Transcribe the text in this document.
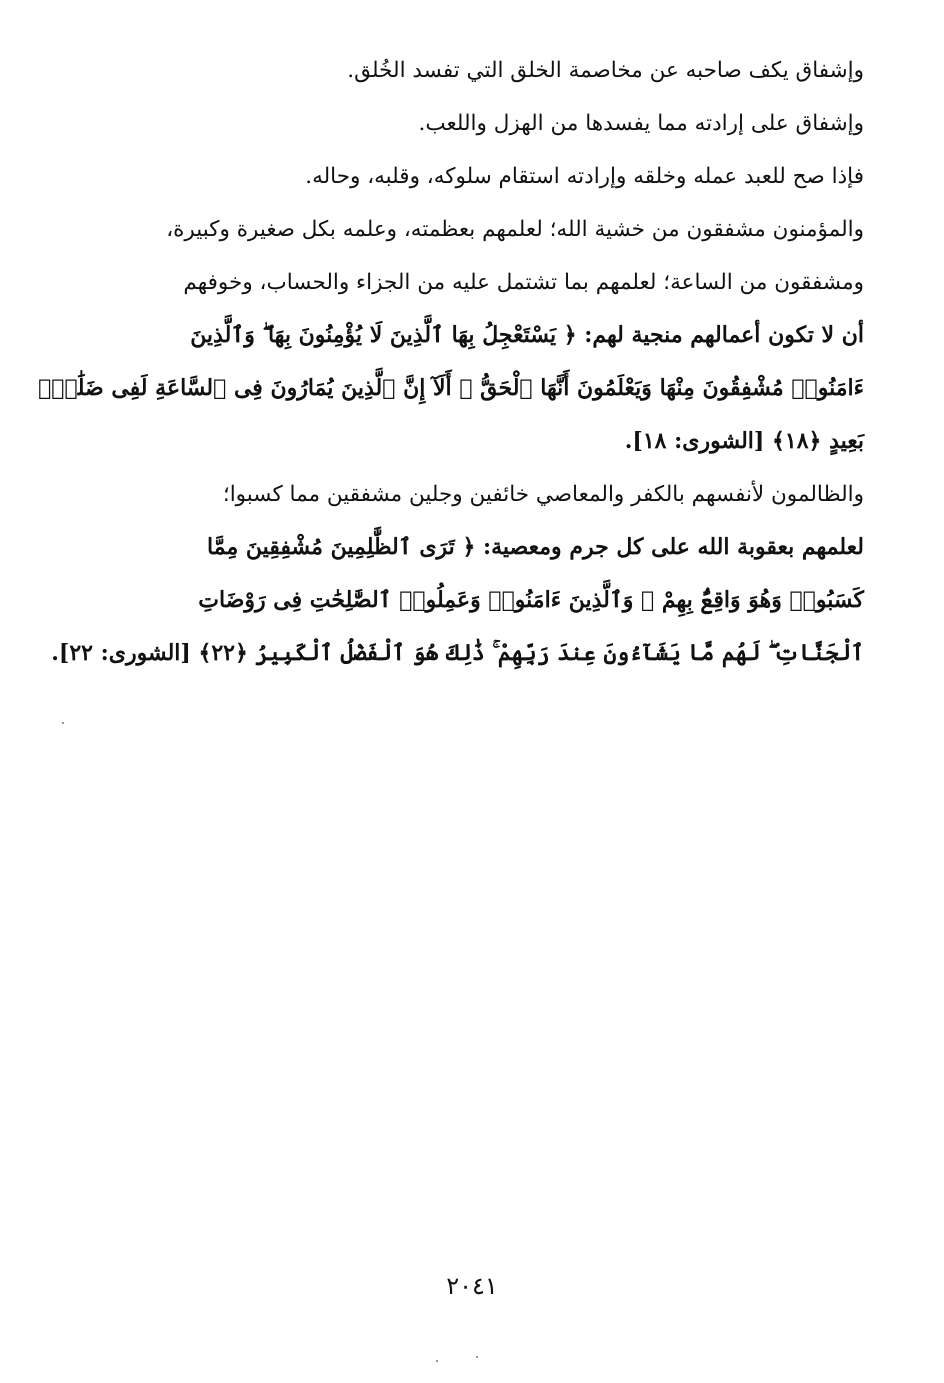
وإشفاق يكف صاحبه عن مخاصمة الخلق التي تفسد الخُلق.
وإشفاق على إرادته مما يفسدها من الهزل واللعب.
فإذا صح للعبد عمله وخلقه وإرادته استقام سلوكه، وقلبه، وحاله.
والمؤمنون مشفقون من خشية الله؛ لعلمهم بعظمته، وعلمه بكل صغيرة وكبيرة،
ومشفقون من الساعة؛ لعلمهم بما تشتمل عليه من الجزاء والحساب، وخوفهم
أن لا تكون أعمالهم منجية لهم: ﴿ يَسْتَعْجِلُ بِهَا ٱلَّذِينَ لَا يُؤْمِنُونَ بِهَا ۖ وَٱلَّذِينَ
ءَامَنُوا۟ مُشْفِقُونَ مِنْهَا وَيَعْلَمُونَ أَنَّهَا ٱلْحَقُّ ۗ أَلَآ إِنَّ ٱلَّذِينَ يُمَارُونَ فِى ٱلسَّاعَةِ لَفِى ضَلَٰلٍۭ
بَعِيدٍ ﴿١٨﴾ [الشورى: ١٨].
والظالمون لأنفسهم بالكفر والمعاصي خائفين وجلين مشفقين مما كسبوا؛
لعلمهم بعقوبة الله على كل جرم ومعصية: ﴿ تَرَى ٱلظَّٰلِمِينَ مُشْفِقِينَ مِمَّا
كَسَبُوا۟ وَهُوَ وَاقِعٌۢ بِهِمْ ۗ وَٱلَّذِينَ ءَامَنُوا۟ وَعَمِلُوا۟ ٱلصَّٰلِحَٰتِ فِى رَوْضَاتِ
ٱلْجَنَّاتِ ۖ لَهُم مَّا يَشَآءُونَ عِندَ رَبِّهِمْ ۚ ذَٰلِكَ هُوَ ٱلْفَضْلُ ٱلْكَبِيرُ ﴿٢٢﴾ [الشورى: ٢٢].
٢٠٤١
